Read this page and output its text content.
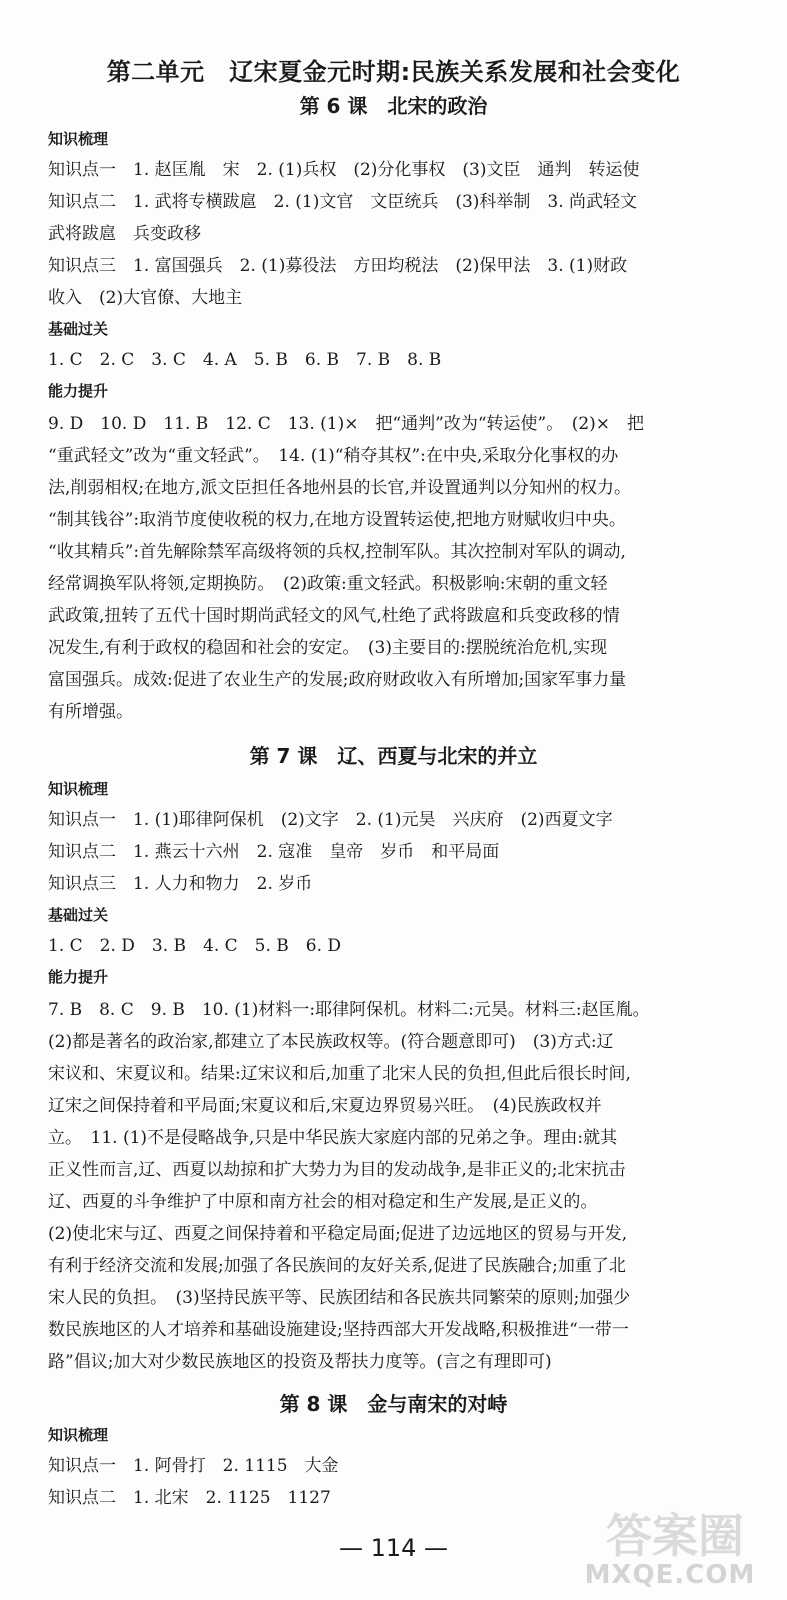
第二单元　辽宋夏金元时期:民族关系发展和社会变化
第 6 课　北宋的政治
知识梳理
知识点一　1. 赵匡胤　宋　2. (1)兵权　(2)分化事权　(3)文臣　通判　转运使
知识点二　1. 武将专横跋扈　2. (1)文官　文臣统兵　(3)科举制　3. 尚武轻文
武将跋扈　兵变政移
知识点三　1. 富国强兵　2. (1)募役法　方田均税法　(2)保甲法　3. (1)财政
收入　(2)大官僚、大地主
基础过关
1. C　2. C　3. C　4. A　5. B　6. B　7. B　8. B
能力提升
9. D　10. D　11. B　12. C　13. (1)×　把“通判”改为“转运使”。　(2)×　把
“重武轻文”改为“重文轻武”。　14. (1)“稍夺其权”:在中央,采取分化事权的办
法,削弱相权;在地方,派文臣担任各地州县的长官,并设置通判以分知州的权力。
“制其钱谷”:取消节度使收税的权力,在地方设置转运使,把地方财赋收归中央。
“收其精兵”:首先解除禁军高级将领的兵权,控制军队。其次控制对军队的调动,
经常调换军队将领,定期换防。　(2)政策:重文轻武。积极影响:宋朝的重文轻
武政策,扭转了五代十国时期尚武轻文的风气,杜绝了武将跋扈和兵变政移的情
况发生,有利于政权的稳固和社会的安定。　(3)主要目的:摆脱统治危机,实现
富国强兵。成效:促进了农业生产的发展;政府财政收入有所增加;国家军事力量
有所增强。
第 7 课　辽、西夏与北宋的并立
知识梳理
知识点一　1. (1)耶律阿保机　(2)文字　2. (1)元昊　兴庆府　(2)西夏文字
知识点二　1. 燕云十六州　2. 寇准　皇帝　岁币　和平局面
知识点三　1. 人力和物力　2. 岁币
基础过关
1. C　2. D　3. B　4. C　5. B　6. D
能力提升
7. B　8. C　9. B　10. (1)材料一:耶律阿保机。材料二:元昊。材料三:赵匡胤。
(2)都是著名的政治家,都建立了本民族政权等。(符合题意即可)　(3)方式:辽
宋议和、宋夏议和。结果:辽宋议和后,加重了北宋人民的负担,但此后很长时间,
辽宋之间保持着和平局面;宋夏议和后,宋夏边界贸易兴旺。　(4)民族政权并
立。　11. (1)不是侵略战争,只是中华民族大家庭内部的兄弟之争。理由:就其
正义性而言,辽、西夏以劫掠和扩大势力为目的发动战争,是非正义的;北宋抗击
辽、西夏的斗争维护了中原和南方社会的相对稳定和生产发展,是正义的。
(2)使北宋与辽、西夏之间保持着和平稳定局面;促进了边远地区的贸易与开发,
有利于经济交流和发展;加强了各民族间的友好关系,促进了民族融合;加重了北
宋人民的负担。　(3)坚持民族平等、民族团结和各民族共同繁荣的原则;加强少
数民族地区的人才培养和基础设施建设;坚持西部大开发战略,积极推进“一带一
路”倡议;加大对少数民族地区的投资及帮扶力度等。(言之有理即可)
第 8 课　金与南宋的对峙
知识梳理
知识点一　1. 阿骨打　2. 1115　大金
知识点二　1. 北宋　2. 1125　1127
— 114 —	答案圈
MXQE.COM
